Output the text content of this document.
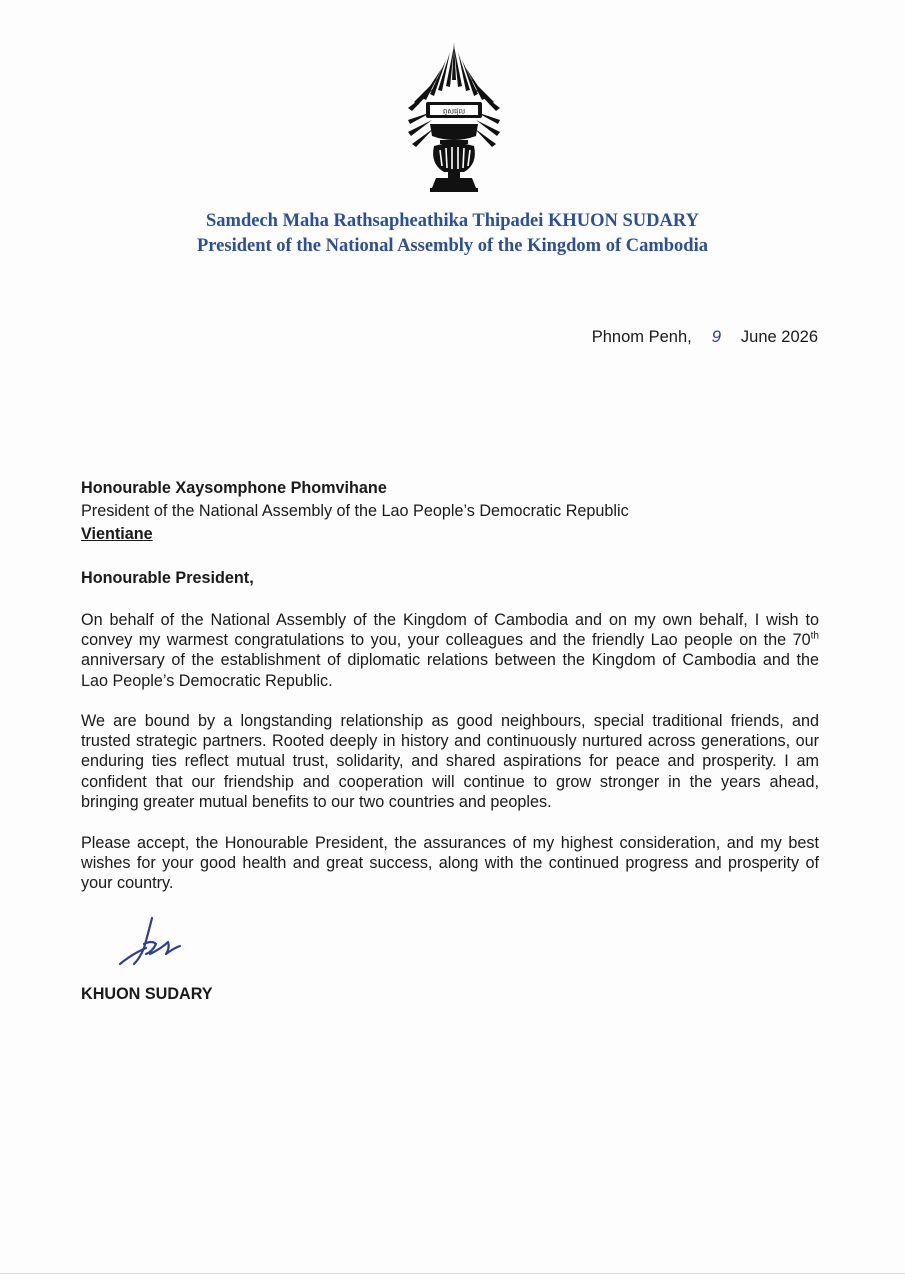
ពួសផុល

Samdech Maha Rathsapheathika Thipadei KHUON SUDARY

President of the National Assembly of the Kingdom of Cambodia

Phnom Penh, 9 June 2026

Honourable Xaysomphone Phomvihane

President of the National Assembly of the Lao People’s Democratic Republic

Vientiane

Honourable President,

On behalf of the National Assembly of the Kingdom of Cambodia and on my own behalf, I wish to convey my warmest congratulations to you, your colleagues and the friendly Lao people on the 70th anniversary of the establishment of diplomatic relations between the Kingdom of Cambodia and the Lao People’s Democratic Republic.

We are bound by a longstanding relationship as good neighbours, special traditional friends, and trusted strategic partners. Rooted deeply in history and continuously nurtured across generations, our enduring ties reflect mutual trust, solidarity, and shared aspirations for peace and prosperity. I am confident that our friendship and cooperation will continue to grow stronger in the years ahead, bringing greater mutual benefits to our two countries and peoples.

Please accept, the Honourable President, the assurances of my highest consideration, and my best wishes for your good health and great success, along with the continued progress and prosperity of your country.

KHUON SUDARY
